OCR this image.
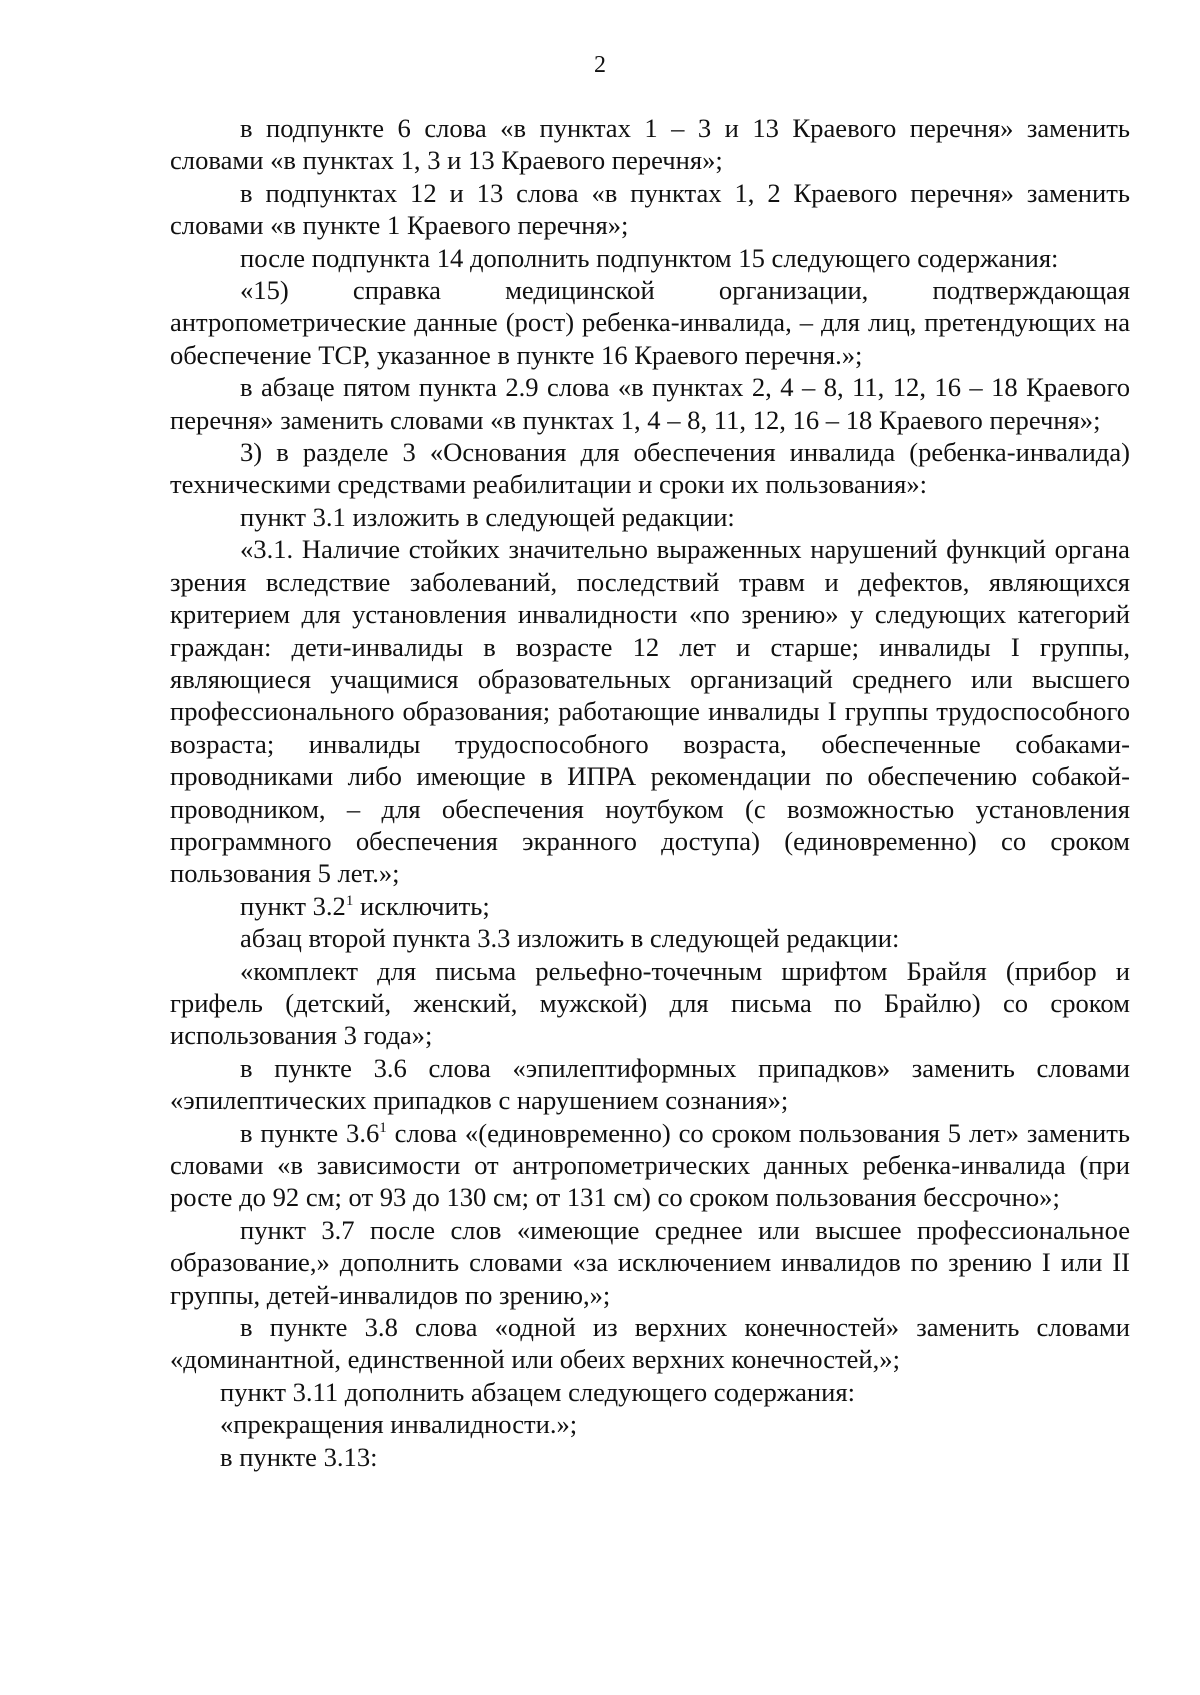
2

в подпункте 6 слова «в пунктах 1 – 3 и 13 Краевого перечня» заменить словами «в пунктах 1, 3 и 13 Краевого перечня»;

в подпунктах 12 и 13 слова «в пунктах 1, 2 Краевого перечня» заменить словами «в пункте 1 Краевого перечня»;

после подпункта 14 дополнить подпунктом 15 следующего содержания:

«15) справка медицинской организации, подтверждающая антропометрические данные (рост) ребенка-инвалида, – для лиц, претендующих на обеспечение ТСР, указанное в пункте 16 Краевого перечня.»;

в абзаце пятом пункта 2.9 слова «в пунктах 2, 4 – 8, 11, 12, 16 – 18 Краевого перечня» заменить словами «в пунктах 1, 4 – 8, 11, 12, 16 – 18 Краевого перечня»;

3) в разделе 3 «Основания для обеспечения инвалида (ребенка-инвалида) техническими средствами реабилитации и сроки их пользования»:

пункт 3.1 изложить в следующей редакции:

«3.1. Наличие стойких значительно выраженных нарушений функций органа зрения вследствие заболеваний, последствий травм и дефектов, являющихся критерием для установления инвалидности «по зрению» у следующих категорий граждан: дети-инвалиды в возрасте 12 лет и старше; инвалиды I группы, являющиеся учащимися образовательных организаций среднего или высшего профессионального образования; работающие инвалиды I группы трудоспособного возраста; инвалиды трудоспособного возраста, обеспеченные собаками-проводниками либо имеющие в ИПРА рекомендации по обеспечению собакой-проводником, – для обеспечения ноутбуком (с возможностью установления программного обеспечения экранного доступа) (единовременно) со сроком пользования 5 лет.»;

пункт $3.2^1$ исключить;

абзац второй пункта 3.3 изложить в следующей редакции:

«комплект для письма рельефно-точечным шрифтом Брайля (прибор и грифель (детский, женский, мужской) для письма по Брайлю) со сроком использования 3 года»;

в пункте 3.6 слова «эпилептиформных припадков» заменить словами «эпилептических припадков с нарушением сознания»;

в пункте $3.6^1$ слова «(единовременно) со сроком пользования 5 лет» заменить словами «в зависимости от антропометрических данных ребенка-инвалида (при росте до 92 см; от 93 до 130 см; от 131 см) со сроком пользования бессрочно»;

пункт 3.7 после слов «имеющие среднее или высшее профессиональное образование,» дополнить словами «за исключением инвалидов по зрению I или II группы, детей-инвалидов по зрению,»;

в пункте 3.8 слова «одной из верхних конечностей» заменить словами «доминантной, единственной или обеих верхних конечностей,»;

пункт 3.11 дополнить абзацем следующего содержания:

«прекращения инвалидности.»;

в пункте 3.13:
